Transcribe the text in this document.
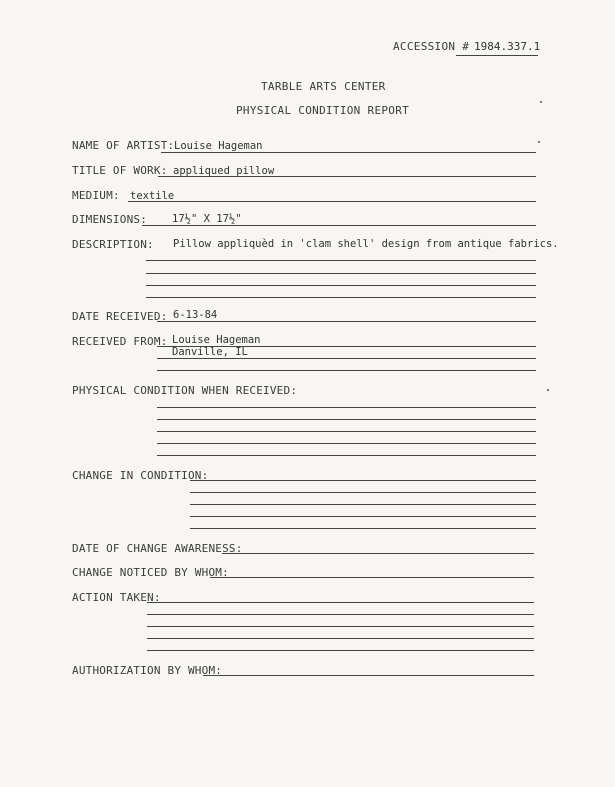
ACCESSION # 1984.337.1
TARBLE ARTS CENTER
PHYSICAL CONDITION REPORT
NAME OF ARTIST: Louise Hageman
TITLE OF WORK: appliqued pillow
MEDIUM: textile
DIMENSIONS: 17½" X 17½"
DESCRIPTION: Pillow appliquèd in 'clam shell' design from antique fabrics.
DATE RECEIVED: 6-13-84
RECEIVED FROM: Louise Hageman
Danville, IL
PHYSICAL CONDITION WHEN RECEIVED:
CHANGE IN CONDITION:
DATE OF CHANGE AWARENESS:
CHANGE NOTICED BY WHOM:
ACTION TAKEN:
AUTHORIZATION BY WHOM:
